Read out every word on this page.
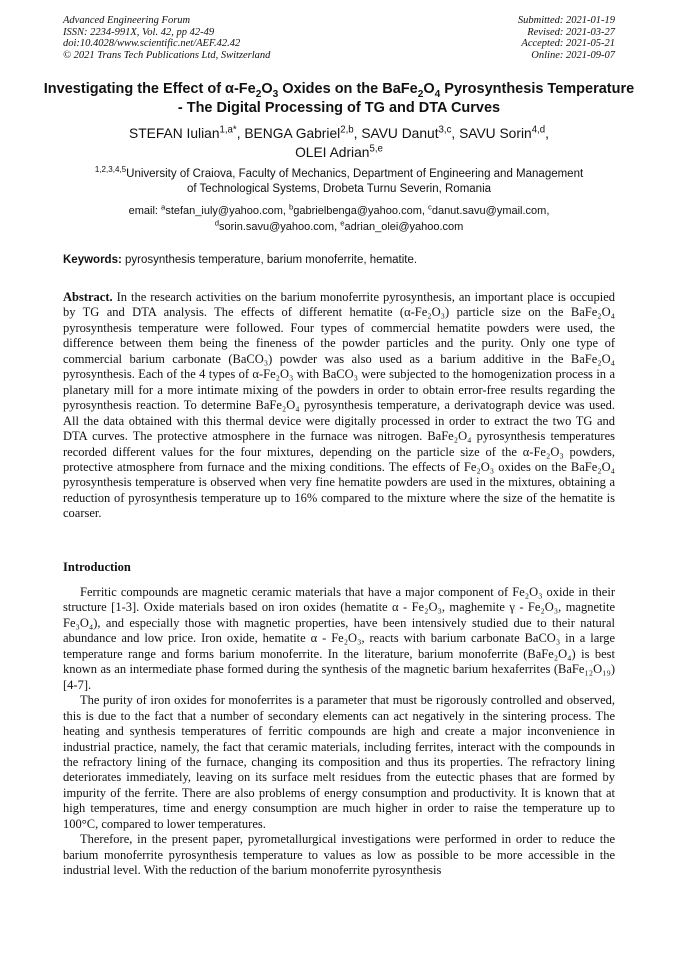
Advanced Engineering Forum
ISSN: 2234-991X, Vol. 42, pp 42-49
doi:10.4028/www.scientific.net/AEF.42.42
© 2021 Trans Tech Publications Ltd, Switzerland
Submitted: 2021-01-19
Revised: 2021-03-27
Accepted: 2021-05-21
Online: 2021-09-07
Investigating the Effect of $\alpha-Fe_2O_3$ Oxides on the $BaFe_2O_4$ Pyrosynthesis Temperature - The Digital Processing of TG and DTA Curves
STEFAN Iulian$^{1,a*}$, BENGA Gabriel$^{2,b}$, SAVU Danut$^{3,c}$, SAVU Sorin$^{4,d}$,
OLEI Adrian$^{5,e}$
$^{1,2,3,4,5}$University of Craiova, Faculty of Mechanics, Department of Engineering and Management
of Technological Systems, Drobeta Turnu Severin, Romania
email: $^a$stefan_iuly@yahoo.com, $^b$gabrielbenga@yahoo.com, $^c$danut.savu@ymail.com,
$^d$sorin.savu@yahoo.com, $^e$adrian_olei@yahoo.com
Keywords: pyrosynthesis temperature, barium monoferrite, hematite.

Abstract. In the research activities on the barium monoferrite pyrosynthesis, an important place is occupied by TG and DTA analysis. The effects of different hematite (α-Fe₂O₃) particle size on the BaFe₂O₄ pyrosynthesis temperature were followed. Four types of commercial hematite powders were used, the difference between them being the fineness of the powder particles and the purity. Only one type of commercial barium carbonate (BaCO₃) powder was also used as a barium additive in the BaFe₂O₄ pyrosynthesis. Each of the 4 types of α-Fe₂O₃ with BaCO₃ were subjected to the homogenization process in a planetary mill for a more intimate mixing of the powders in order to obtain error-free results regarding the pyrosynthesis reaction. To determine BaFe₂O₄ pyrosynthesis temperature, a derivatograph device was used. All the data obtained with this thermal device were digitally processed in order to extract the two TG and DTA curves. The protective atmosphere in the furnace was nitrogen. BaFe₂O₄ pyrosynthesis temperatures recorded different values for the four mixtures, depending on the particle size of the α-Fe₂O₃ powders, protective atmosphere from furnace and the mixing conditions. The effects of Fe₂O₃ oxides on the BaFe₂O₄ pyrosynthesis temperature is observed when very fine hematite powders are used in the mixtures, obtaining a reduction of pyrosynthesis temperature up to 16% compared to the mixture where the size of the hematite is coarser.

Introduction

Ferritic compounds are magnetic ceramic materials that have a major component of Fe₂O₃ oxide in their structure [1-3]. Oxide materials based on iron oxides (hematite α - Fe₂O₃, maghemite γ - Fe₂O₃, magnetite Fe₃O₄), and especially those with magnetic properties, have been intensively studied due to their natural abundance and low price. Iron oxide, hematite α - Fe₂O₃, reacts with barium carbonate BaCO₃ in a large temperature range and forms barium monoferrite. In the literature, barium monoferrite (BaFe₂O₄) is best known as an intermediate phase formed during the synthesis of the magnetic barium hexaferrites (BaFe₁₂O₁₉) [4-7].

The purity of iron oxides for monoferrites is a parameter that must be rigorously controlled and observed, this is due to the fact that a number of secondary elements can act negatively in the sintering process. The heating and synthesis temperatures of ferritic compounds are high and create a major inconvenience in industrial practice, namely, the fact that ceramic materials, including ferrites, interact with the compounds in the refractory lining of the furnace, changing its composition and thus its properties. The refractory lining deteriorates immediately, leaving on its surface melt residues from the eutectic phases that are formed by impurity of the ferrite. There are also problems of energy consumption and productivity. It is known that at high temperatures, time and energy consumption are much higher in order to raise the temperature up to 100°C, compared to lower temperatures.

Therefore, in the present paper, pyrometallurgical investigations were performed in order to reduce the barium monoferrite pyrosynthesis temperature to values as low as possible to be more accessible in the industrial level. With the reduction of the barium monoferrite pyrosynthesis
